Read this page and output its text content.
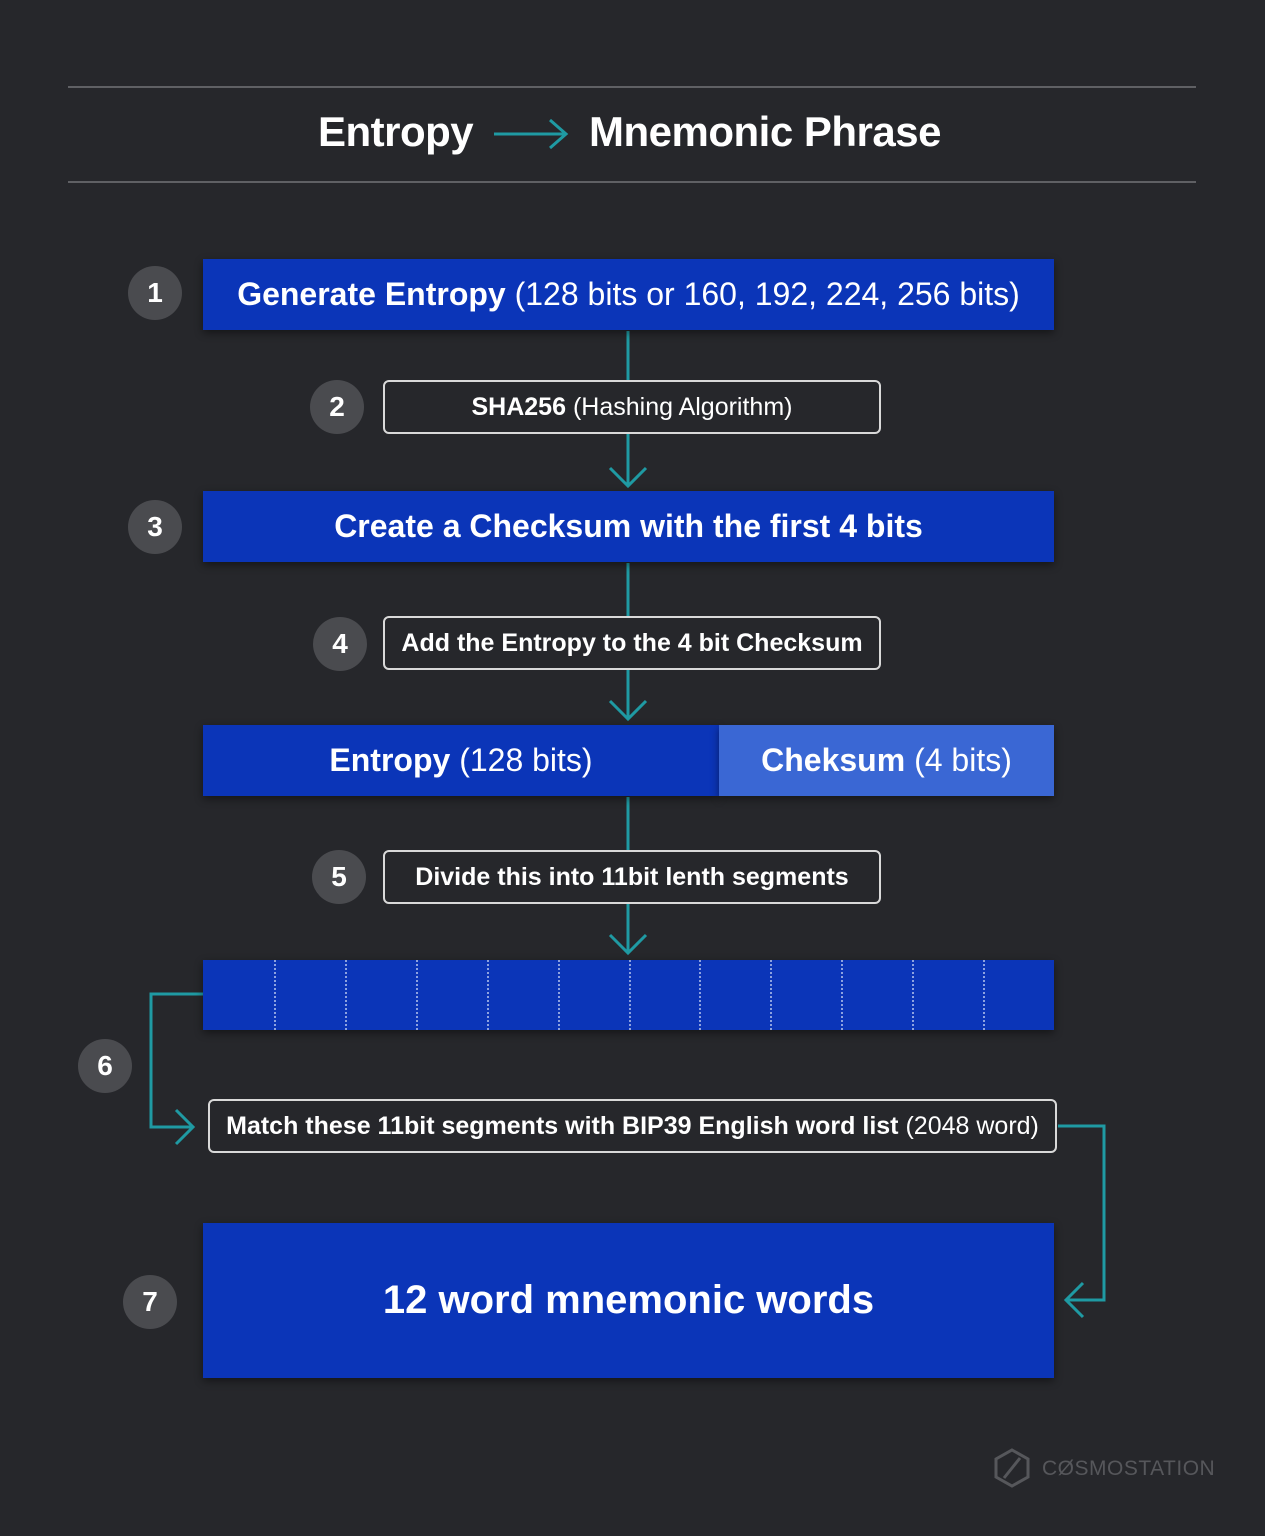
Entropy	Mnemonic Phrase
1	Generate Entropy
(128 bits or 160, 192, 224, 256 bits)
2	SHA256
(Hashing Algorithm)
3	Create a Checksum with the first 4 bits
4	Add the Entropy to the 4 bit Checksum
Entropy
(128 bits)	Cheksum
(4 bits)
5	Divide this into 11bit lenth segments
6
Match these 11bit segments with BIP39 English word list
(2048 word)
7	12 word mnemonic words
CØSMOSTATION
